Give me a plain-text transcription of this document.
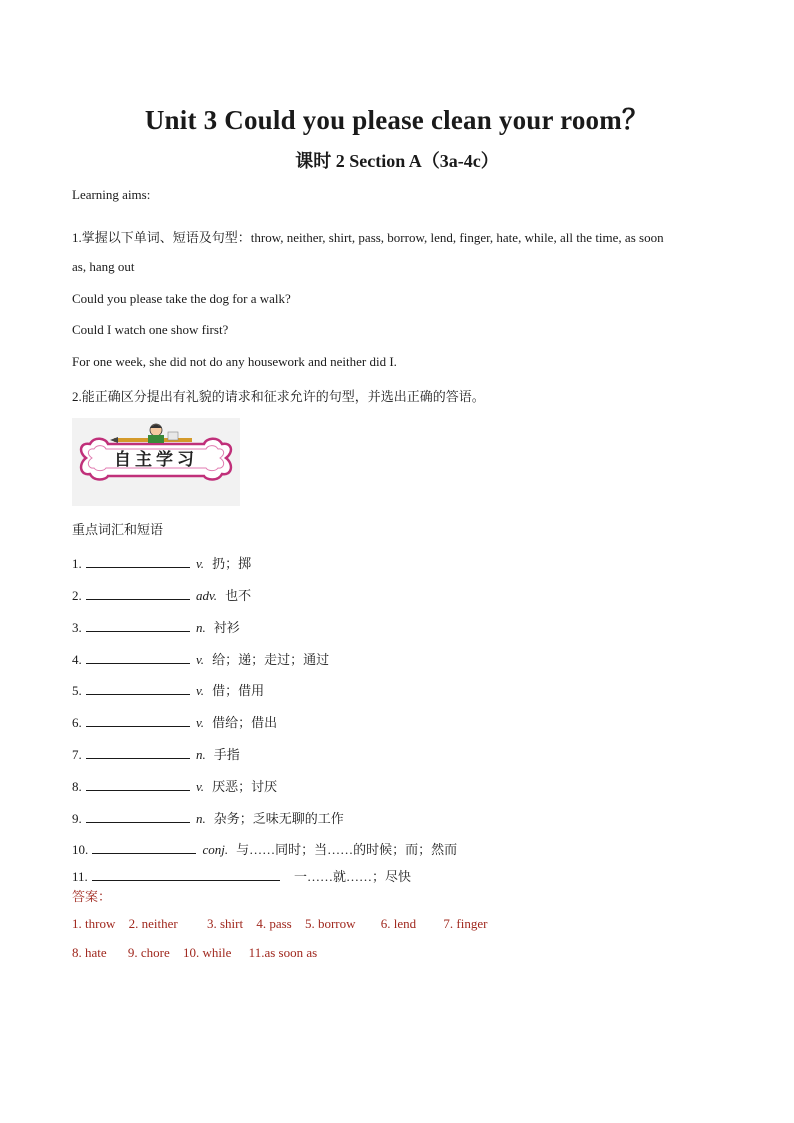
Unit 3 Could you please clean your room？
课时 2 Section A（3a-4c）
Learning aims:
1.掌握以下单词、短语及句型：throw, neither, shirt, pass, borrow, lend, finger, hate, while, all the time, as soon
as, hang out
Could you please take the dog for a walk?
Could I watch one show first?
For one week, she did not do any housework and neither did I.
2.能正确区分提出有礼貌的请求和征求允许的句型，并选出正确的答语。
自主学习
重点词汇和短语
1.	v. 扔；掷
2.	adv. 也不
3.	n. 衬衫
4.	v. 给；递；走过；通过
5.	v. 借；借用
6.	v. 借给；借出
7.	n. 手指
8.	v. 厌恶；讨厌
9.	n. 杂务；乏味无聊的工作
10.	conj. 与……同时；当……的时候；而；然而
11.	一……就……；尽快
答案：
1. throw 2. neither 3. shirt 4. pass 5. borrow 6. lend 7. finger
8. hate 9. chore 10. while 11.as soon as
